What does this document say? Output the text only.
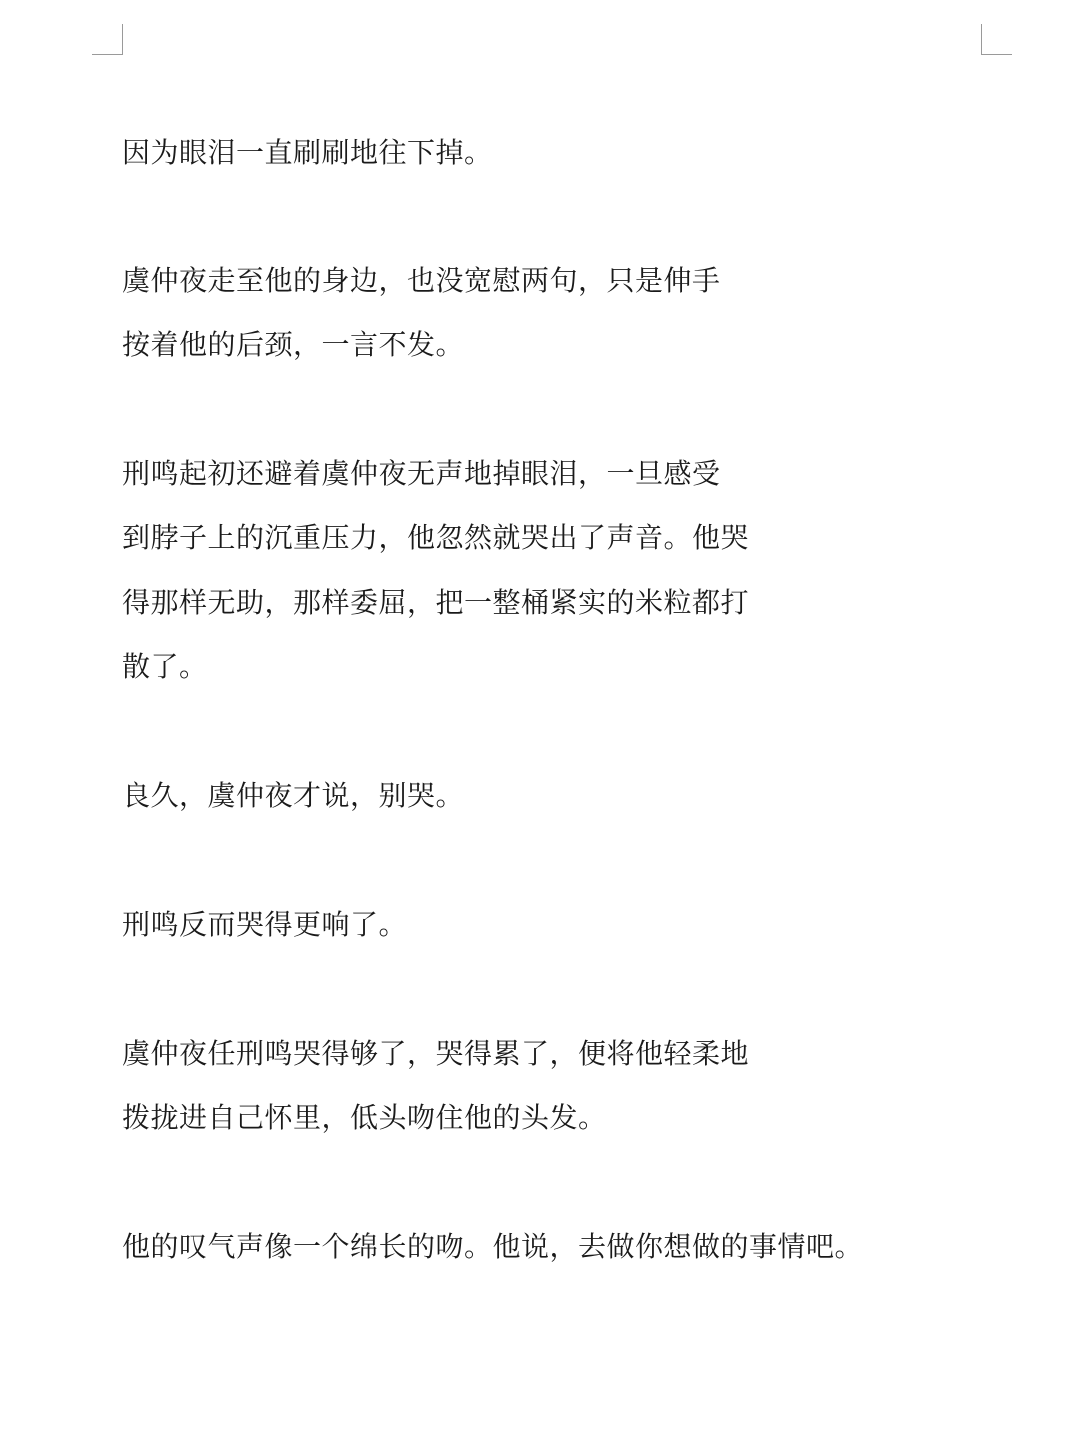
因为眼泪一直刷刷地往下掉。
虞仲夜走至他的身边，也没宽慰两句，只是伸手
按着他的后颈，一言不发。
刑鸣起初还避着虞仲夜无声地掉眼泪，一旦感受
到脖子上的沉重压力，他忽然就哭出了声音。他哭
得那样无助，那样委屈，把一整桶紧实的米粒都打
散了。
良久，虞仲夜才说，别哭。
刑鸣反而哭得更响了。
虞仲夜任刑鸣哭得够了，哭得累了，便将他轻柔地
拨拢进自己怀里，低头吻住他的头发。
他的叹气声像一个绵长的吻。他说，去做你想做的事情吧。
